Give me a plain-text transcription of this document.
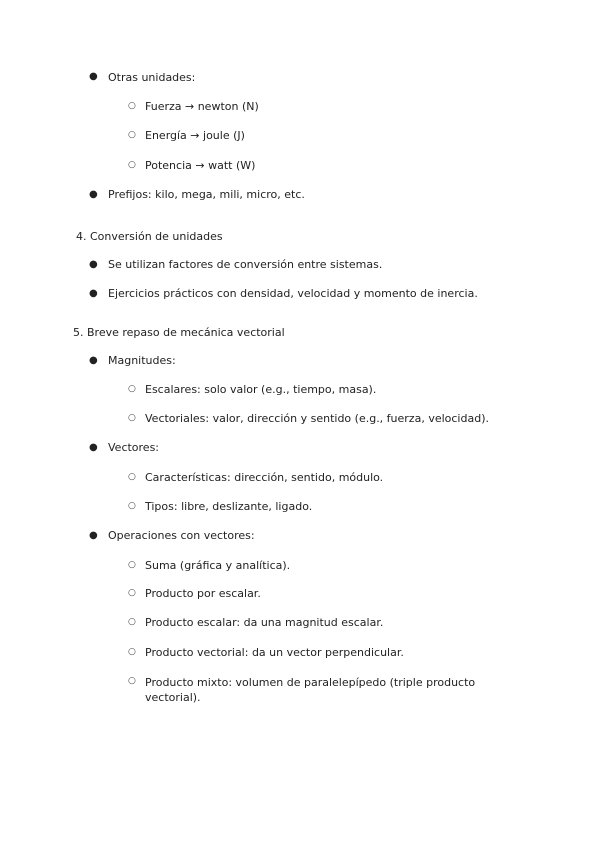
● Otras unidades:
○ Fuerza → newton (N)
○ Energía → joule (J)
○ Potencia → watt (W)
● Prefijos: kilo, mega, mili, micro, etc.
4. Conversión de unidades
● Se utilizan factores de conversión entre sistemas.
● Ejercicios prácticos con densidad, velocidad y momento de inercia.
5. Breve repaso de mecánica vectorial
● Magnitudes:
○ Escalares: solo valor (e.g., tiempo, masa).
○ Vectoriales: valor, dirección y sentido (e.g., fuerza, velocidad).
● Vectores:
○ Características: dirección, sentido, módulo.
○ Tipos: libre, deslizante, ligado.
● Operaciones con vectores:
○ Suma (gráfica y analítica).
○ Producto por escalar.
○ Producto escalar: da una magnitud escalar.
○ Producto vectorial: da un vector perpendicular.
○ Producto mixto: volumen de paralelepípedo (triple producto vectorial).
